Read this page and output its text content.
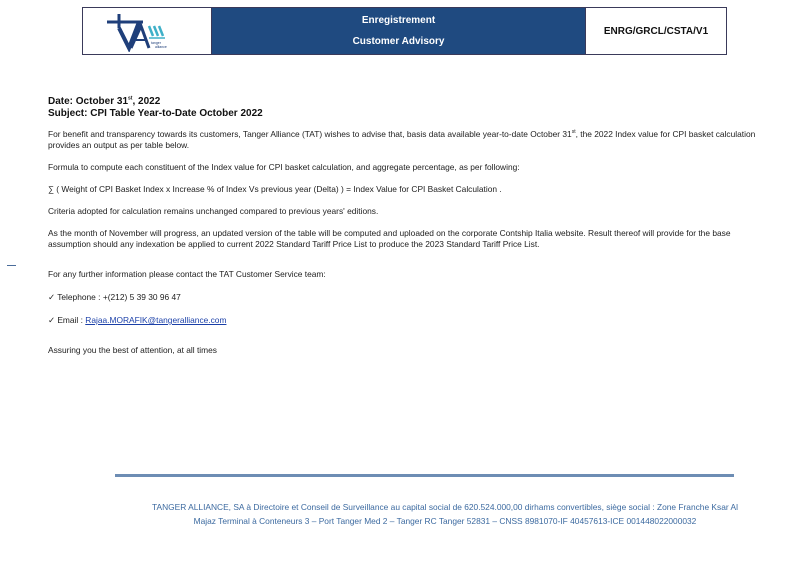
tanger
alliance
Enregistrement
Customer Advisory
ENRG/GRCL/CSTA/V1
Date: October 31st, 2022
Subject: CPI Table Year-to-Date October 2022

For benefit and transparency towards its customers, Tanger Alliance (TAT) wishes to advise that, basis data available year-to-date October 31st, the 2022 Index value for CPI basket calculation provides an output as per table below.

Formula to compute each constituent of the Index value for CPI basket calculation, and aggregate percentage, as per following:

∑ ( Weight of CPI Basket Index x Increase % of Index Vs previous year (Delta) ) = Index Value for CPI Basket Calculation .

Criteria adopted for calculation remains unchanged compared to previous years' editions.

As the month of November will progress, an updated version of the table will be computed and uploaded on the corporate Contship Italia website. Result thereof will provide for the base assumption should any indexation be applied to current 2022 Standard Tariff Price List to produce the 2023 Standard Tariff Price List.

For any further information please contact the TAT Customer Service team:

✓ Telephone : +(212) 5 39 30 96 47

✓ Email : Rajaa.MORAFIK@tangeralliance.com

Assuring you the best of attention, at all times

TANGER ALLIANCE, SA à Directoire et Conseil de Surveillance au capital social de 620.524.000,00 dirhams convertibles, siège social : Zone Franche Ksar Al
Majaz Terminal à Conteneurs 3 – Port Tanger Med 2 – Tanger RC Tanger 52831 – CNSS 8981070-IF 40457613-ICE 001448022000032
